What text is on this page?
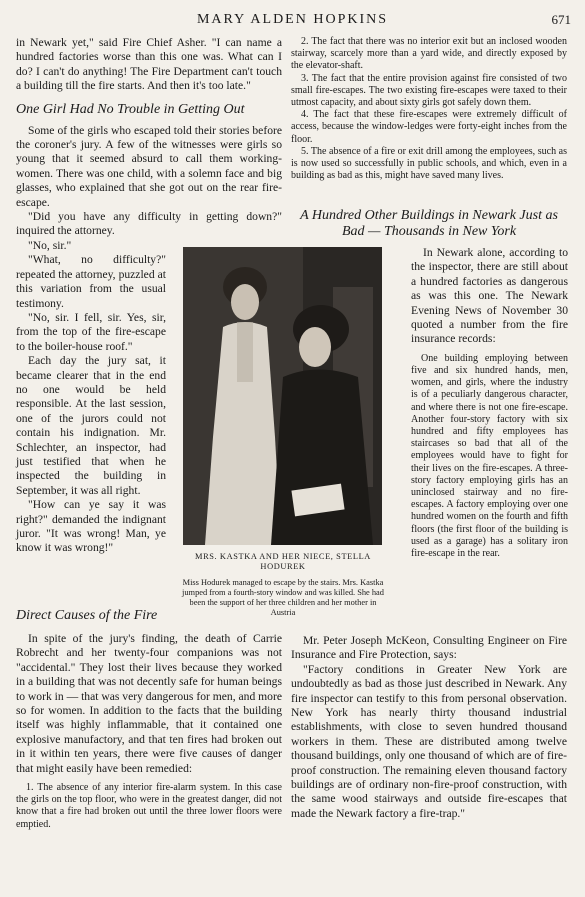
MARY ALDEN HOPKINS	671

in Newark yet," said Fire Chief Asher. "I can name a hundred factories worse than this one was. What can I do? I can't do anything! The Fire Department can't touch a building till the fire starts. And then it's too late."

One Girl Had No Trouble in Getting Out

Some of the girls who escaped told their stories before the coroner's jury. A few of the witnesses were girls so young that it seemed absurd to call them working-women. There was one child, with a solemn face and big glasses, who explained that she got out on the rear fire-escape.

"Did you have any difficulty in getting down?" inquired the attorney.

"No, sir."

"What, no difficulty?" repeated the attorney, puzzled at this variation from the usual testimony.

"No, sir. I fell, sir. Yes, sir, from the top of the fire-escape to the boiler-house roof."

Each day the jury sat, it became clearer that in the end no one would be held responsible. At the last session, one of the jurors could not contain his indignation. Mr. Schlechter, an inspector, had just testified that when he inspected the building in September, it was all right.

"How can ye say it was right?" demanded the indignant juror. "It was wrong! Man, ye know it was wrong!"

Direct Causes of the Fire

2. The fact that there was no interior exit but an inclosed wooden stairway, scarcely more than a yard wide, and directly exposed by the elevator-shaft.

3. The fact that the entire provision against fire consisted of two small fire-escapes. The two existing fire-escapes were taxed to their utmost capacity, and about sixty girls got safely down them.

4. The fact that these fire-escapes were extremely difficult of access, because the window-ledges were forty-eight inches from the floor.

5. The absence of a fire or exit drill among the employees, such as is now used so successfully in public schools, and which, even in a building as bad as this, might have saved many lives.

A Hundred Other Buildings in Newark Just as Bad — Thousands in New York
MRS. KASTKA AND HER NIECE, STELLA HODUREK
Miss Hodurek managed to escape by the stairs. Mrs. Kastka jumped from a fourth-story window and was killed. She had been the support of her three children and her mother in Austria

In Newark alone, according to the inspector, there are still about a hundred factories as dangerous as was this one. The Newark Evening News of November 30 quoted a number from the fire insurance records:

One building employing between five and six hundred hands, men, women, and girls, where the industry is of a peculiarly dangerous character, and where there is not one fire-escape. Another four-story factory with six hundred and fifty employees has staircases so bad that all of the employees would have to fight for their lives on the fire-escapes. A three-story factory employing girls has an uninclosed stairway and no fire-escapes. A factory employing over one hundred women on the fourth and fifth floors (the first floor of the building is used as a garage) has a solitary iron fire-escape in the rear.

In spite of the jury's finding, the death of Carrie Robrecht and her twenty-four companions was not "accidental." They lost their lives because they worked in a building that was not decently safe for human beings to work in — that was very dangerous for men, and more so for women. In addition to the facts that the building itself was highly inflammable, that it contained one explosive manufactory, and that ten fires had broken out in it within ten years, there were five causes of danger that might easily have been remedied:

1. The absence of any interior fire-alarm system. In this case the girls on the top floor, who were in the greatest danger, did not know that a fire had broken out until the three lower floors were emptied.

Mr. Peter Joseph McKeon, Consulting Engineer on Fire Insurance and Fire Protection, says:

"Factory conditions in Greater New York are undoubtedly as bad as those just described in Newark. Any fire inspector can testify to this from personal observation. New York has nearly thirty thousand industrial establishments, with close to seven hundred thousand workers in them. These are distributed among twelve thousand buildings, only one thousand of which are of fire-proof construction. The remaining eleven thousand factory buildings are of ordinary non-fire-proof construction, with the same wood stairways and outside fire-escapes that made the Newark factory a fire-trap."
